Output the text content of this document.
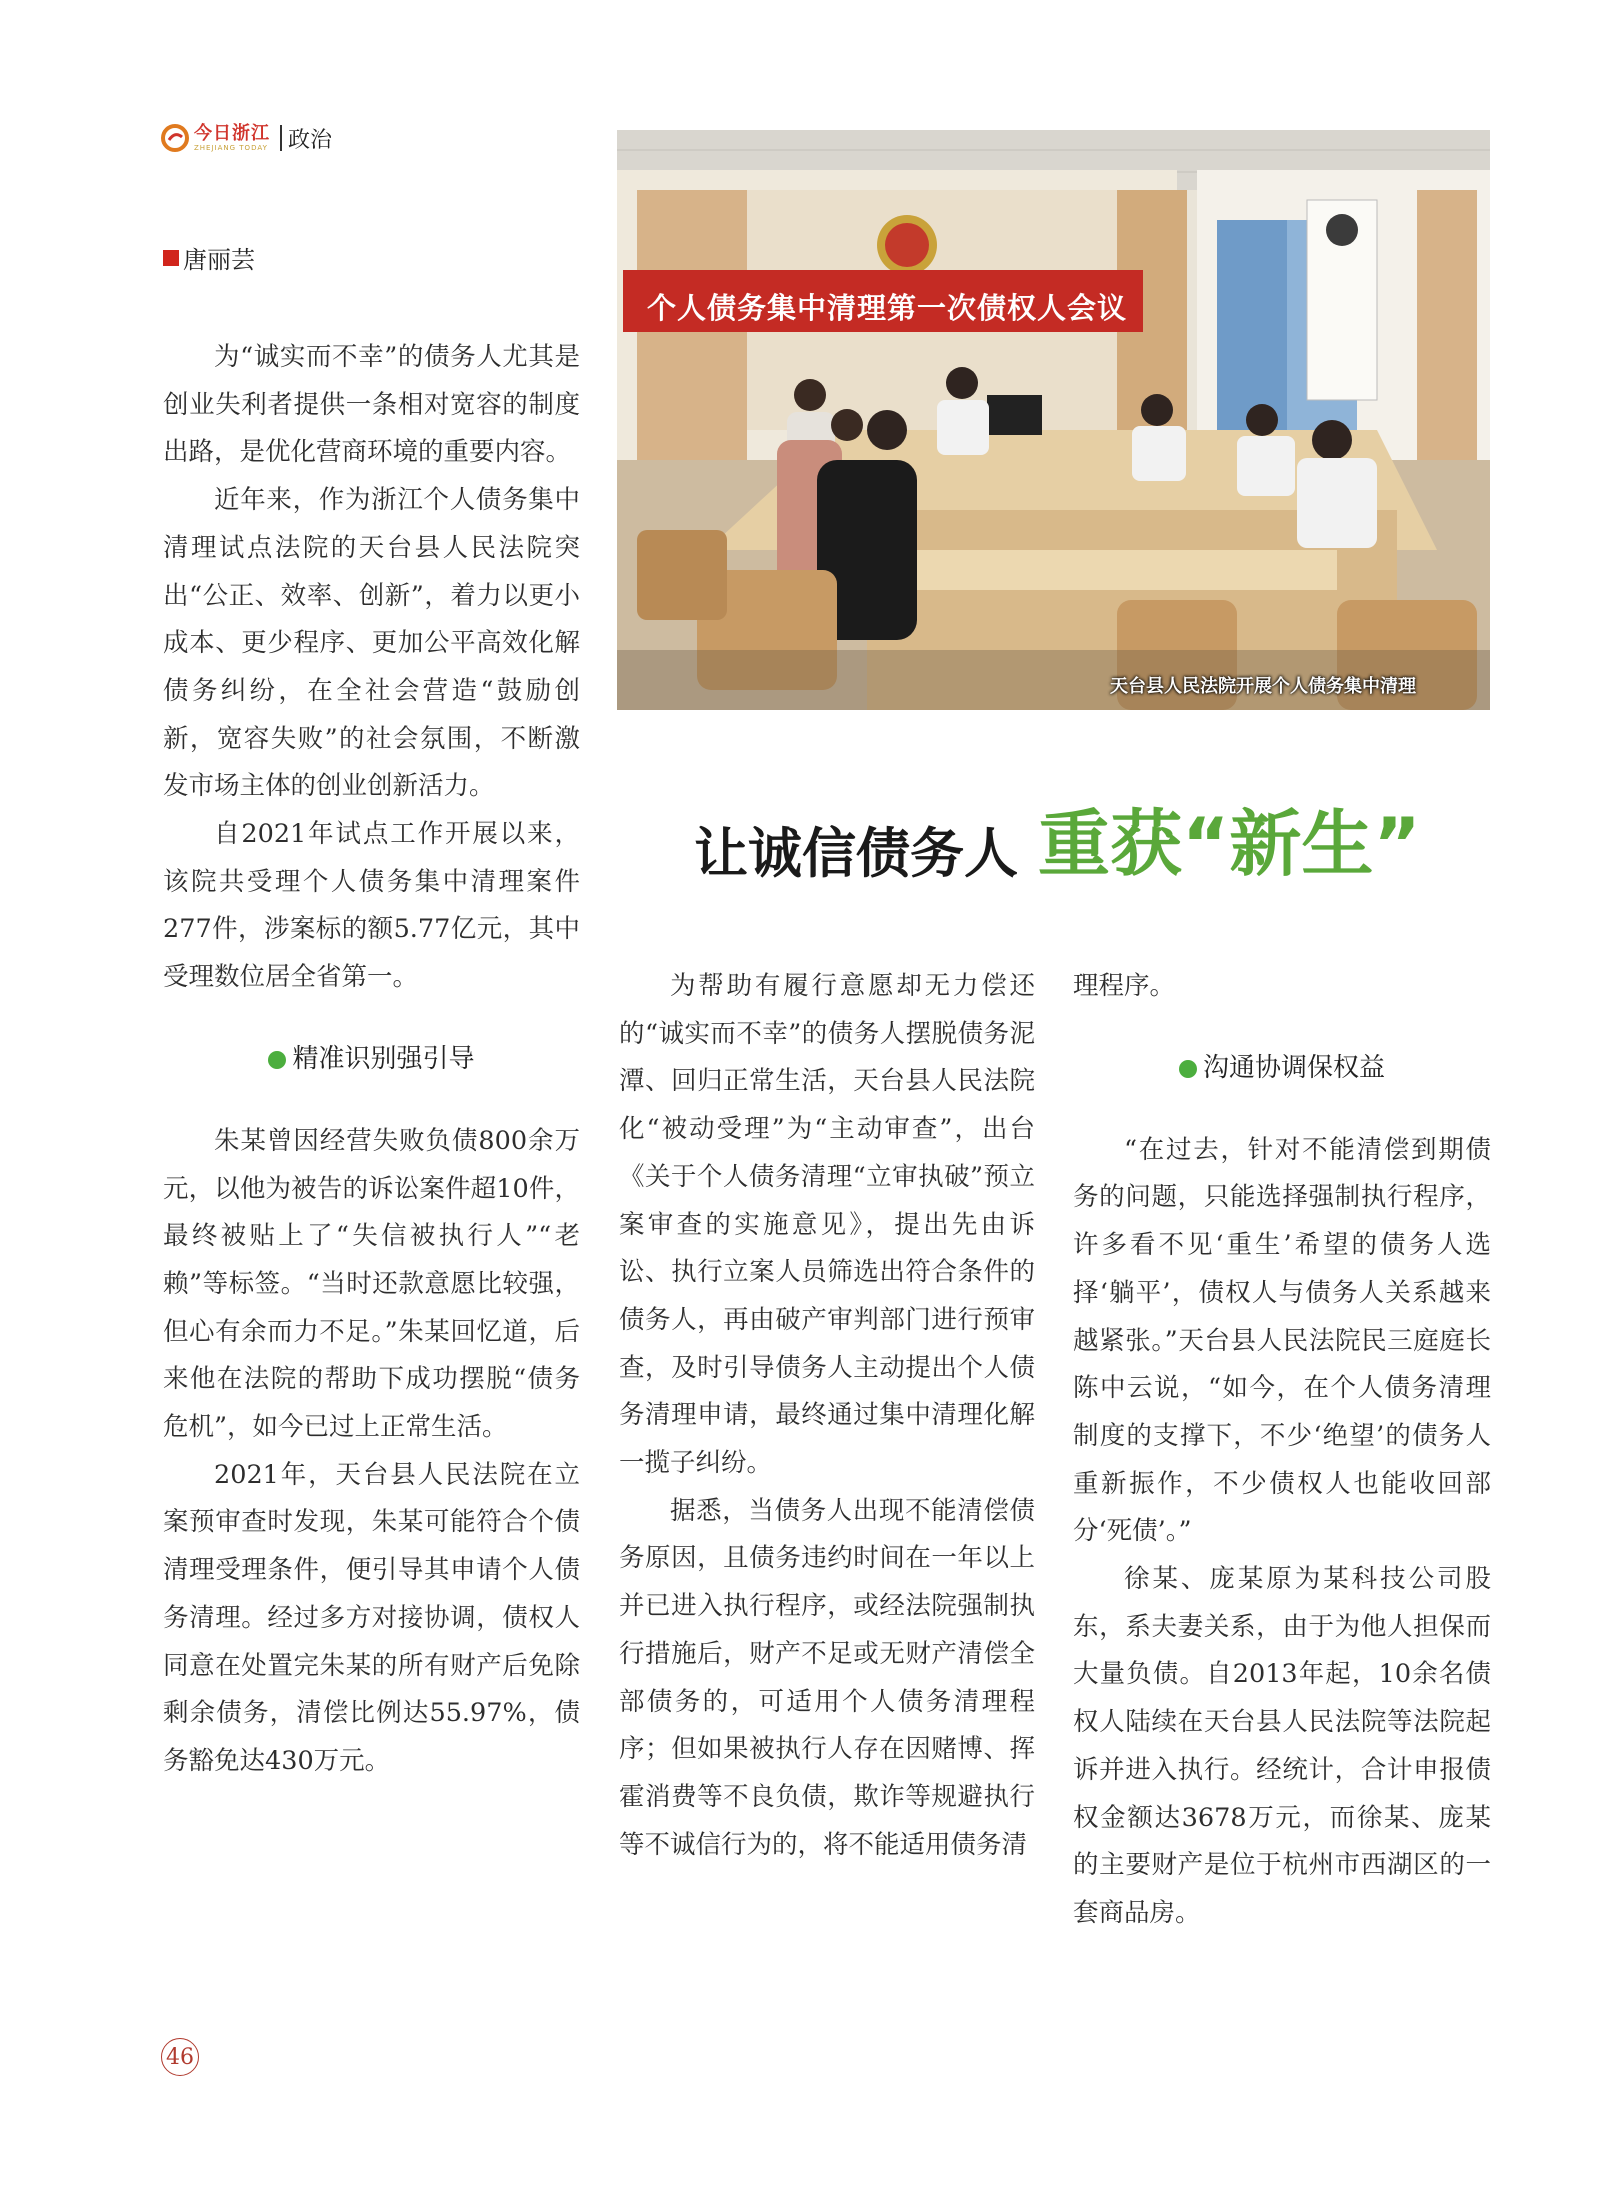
今日浙江
ZHEJIANG TODAY 政治
唐丽芸
个人债务集中清理第一次债权人会议
天台县人民法院开展个人债务集中清理
让诚信债务人 重获“新生”

为“诚实而不幸”的债务人尤其是创业失利者提供一条相对宽容的制度出路，是优化营商环境的重要内容。

近年来，作为浙江个人债务集中清理试点法院的天台县人民法院突出“公正、效率、创新”，着力以更小成本、更少程序、更加公平高效化解债务纠纷，在全社会营造“鼓励创新，宽容失败”的社会氛围，不断激发市场主体的创业创新活力。

自2021年试点工作开展以来，该院共受理个人债务集中清理案件277件，涉案标的额5.77亿元，其中受理数位居全省第一。

精准识别强引导

朱某曾因经营失败负债800余万元，以他为被告的诉讼案件超10件，最终被贴上了“失信被执行人”“老赖”等标签。“当时还款意愿比较强，但心有余而力不足。”朱某回忆道，后来他在法院的帮助下成功摆脱“债务危机”，如今已过上正常生活。

2021年，天台县人民法院在立案预审查时发现，朱某可能符合个债清理受理条件，便引导其申请个人债务清理。经过多方对接协调，债权人同意在处置完朱某的所有财产后免除剩余债务，清偿比例达55.97%，债务豁免达430万元。

为帮助有履行意愿却无力偿还的“诚实而不幸”的债务人摆脱债务泥潭、回归正常生活，天台县人民法院化“被动受理”为“主动审查”，出台《关于个人债务清理“立审执破”预立案审查的实施意见》，提出先由诉讼、执行立案人员筛选出符合条件的债务人，再由破产审判部门进行预审查，及时引导债务人主动提出个人债务清理申请，最终通过集中清理化解一揽子纠纷。

据悉，当债务人出现不能清偿债务原因，且债务违约时间在一年以上并已进入执行程序，或经法院强制执行措施后，财产不足或无财产清偿全部债务的，可适用个人债务清理程序；但如果被执行人存在因赌博、挥霍消费等不良负债，欺诈等规避执行等不诚信行为的，将不能适用债务清

理程序。

沟通协调保权益

“在过去，针对不能清偿到期债务的问题，只能选择强制执行程序，许多看不见‘重生’希望的债务人选择‘躺平’，债权人与债务人关系越来越紧张。”天台县人民法院民三庭庭长陈中云说，“如今，在个人债务清理制度的支撑下，不少‘绝望’的债务人重新振作，不少债权人也能收回部分‘死债’。”

徐某、庞某原为某科技公司股东，系夫妻关系，由于为他人担保而大量负债。自2013年起，10余名债权人陆续在天台县人民法院等法院起诉并进入执行。经统计，合计申报债权金额达3678万元，而徐某、庞某的主要财产是位于杭州市西湖区的一套商品房。

46
